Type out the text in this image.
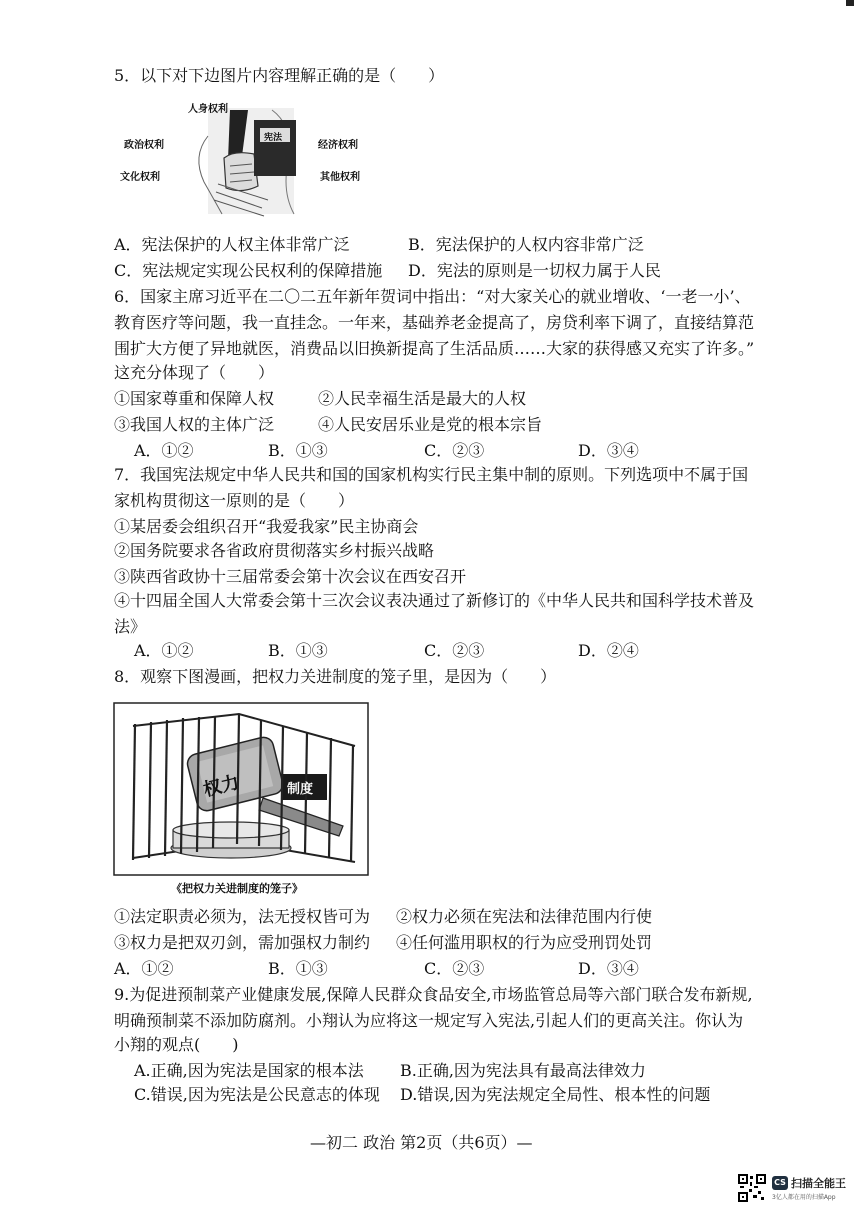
5．以下对下边图片内容理解正确的是（　　）
人身权利
政治权利
文化权利
经济权利
其他权利
宪法
A．宪法保护的人权主体非常广泛	B．宪法保护的人权内容非常广泛
C．宪法规定实现公民权利的保障措施 D．宪法的原则是一切权力属于人民
6．国家主席习近平在二〇二五年新年贺词中指出：“对大家关心的就业增收、‘一老一小’、
教育医疗等问题，我一直挂念。一年来，基础养老金提高了，房贷利率下调了，直接结算范
围扩大方便了异地就医，消费品以旧换新提高了生活品质……大家的获得感又充实了许多。”
这充分体现了（　　）
①国家尊重和保障人权	②人民幸福生活是最大的人权
③我国人权的主体广泛	④人民安居乐业是党的根本宗旨
A．①②	B．①③	C．②③	D．③④
7．我国宪法规定中华人民共和国的国家机构实行民主集中制的原则。下列选项中不属于国
家机构贯彻这一原则的是（　　）
①某居委会组织召开“我爱我家”民主协商会
②国务院要求各省政府贯彻落实乡村振兴战略
③陕西省政协十三届常委会第十次会议在西安召开
④十四届全国人大常委会第十三次会议表决通过了新修订的《中华人民共和国科学技术普及
法》
A．①②	B．①③	C．②③	D．②④
8．观察下图漫画，把权力关进制度的笼子里，是因为（　　）
权力	制度
《把权力关进制度的笼子》
①法定职责必须为，法无授权皆可为 ②权力必须在宪法和法律范围内行使
③权力是把双刃剑，需加强权力制约 ④任何滥用职权的行为应受刑罚处罚
A．①②	B．①③	C．②③	D．③④
9.为促进预制菜产业健康发展,保障人民群众食品安全,市场监管总局等六部门联合发布新规,
明确预制菜不添加防腐剂。小翔认为应将这一规定写入宪法,引起人们的更高关注。你认为
小翔的观点(　　)
A.正确,因为宪法是国家的根本法 B.正确,因为宪法具有最高法律效力
C.错误,因为宪法是公民意志的体现 D.错误,因为宪法规定全局性、根本性的问题
—初二 政治 第2页（共6页）—
CS 扫描全能王
3亿人都在用的扫描App
